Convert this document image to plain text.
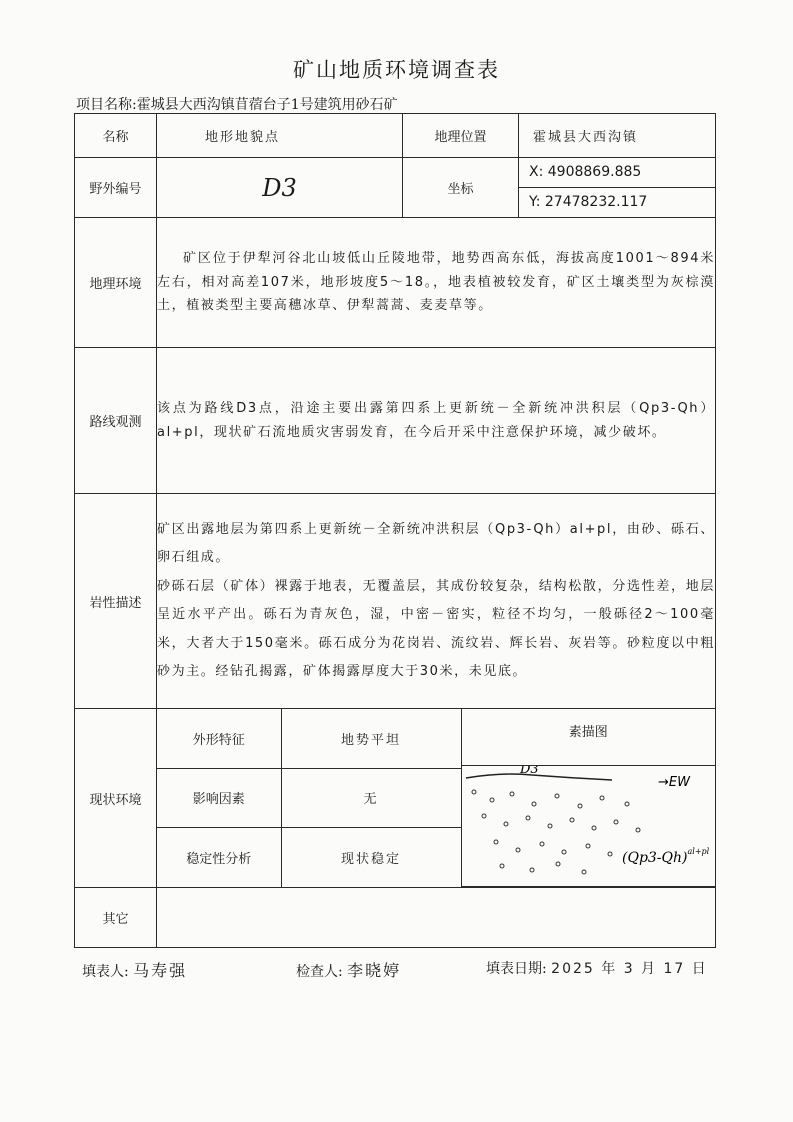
矿山地质环境调查表
项目名称:霍城县大西沟镇苜蓿台子1号建筑用砂石矿
名称	地形地貌点	地理位置	霍城县大西沟镇
野外编号	D3	坐标	
X: 4908869.885
Y: 27478232.117

地理环境	

矿区位于伊犁河谷北山坡低山丘陵地带，地势西高东低，海拔高度1001～894米左右，相对高差107米，地形坡度5～18。，地表植被较发育，矿区土壤类型为灰棕漠土，植被类型主要高穗冰草、伊犁蒿蒿、麦麦草等。

路线观测	

该点为路线D3点，沿途主要出露第四系上更新统－全新统冲洪积层（Qp3-Qh）al+pl，现状矿石流地质灾害弱发育，在今后开采中注意保护环境，减少破坏。

岩性描述	

矿区出露地层为第四系上更新统－全新统冲洪积层（Qp3-Qh）al+pl，由砂、砾石、卵石组成。

砂砾石层（矿体）裸露于地表，无覆盖层，其成份较复杂，结构松散，分选性差，地层呈近水平产出。砾石为青灰色，湿，中密－密实，粒径不均匀，一般砾径2～100毫米，大者大于150毫米。砾石成分为花岗岩、流纹岩、辉长岩、灰岩等。砂粒度以中粗砂为主。经钻孔揭露，矿体揭露厚度大于30米，未见底。

现状环境	
外形特征	地势平坦	
素描图
D3
→EW
$(Qp3-Qh)^{al+pl}$

影响因素	无
稳定性分析	现状稳定

其它	
填表人: 马寿强	检查人: 李晓婷	填表日期: 2025 年 3 月 17 日
